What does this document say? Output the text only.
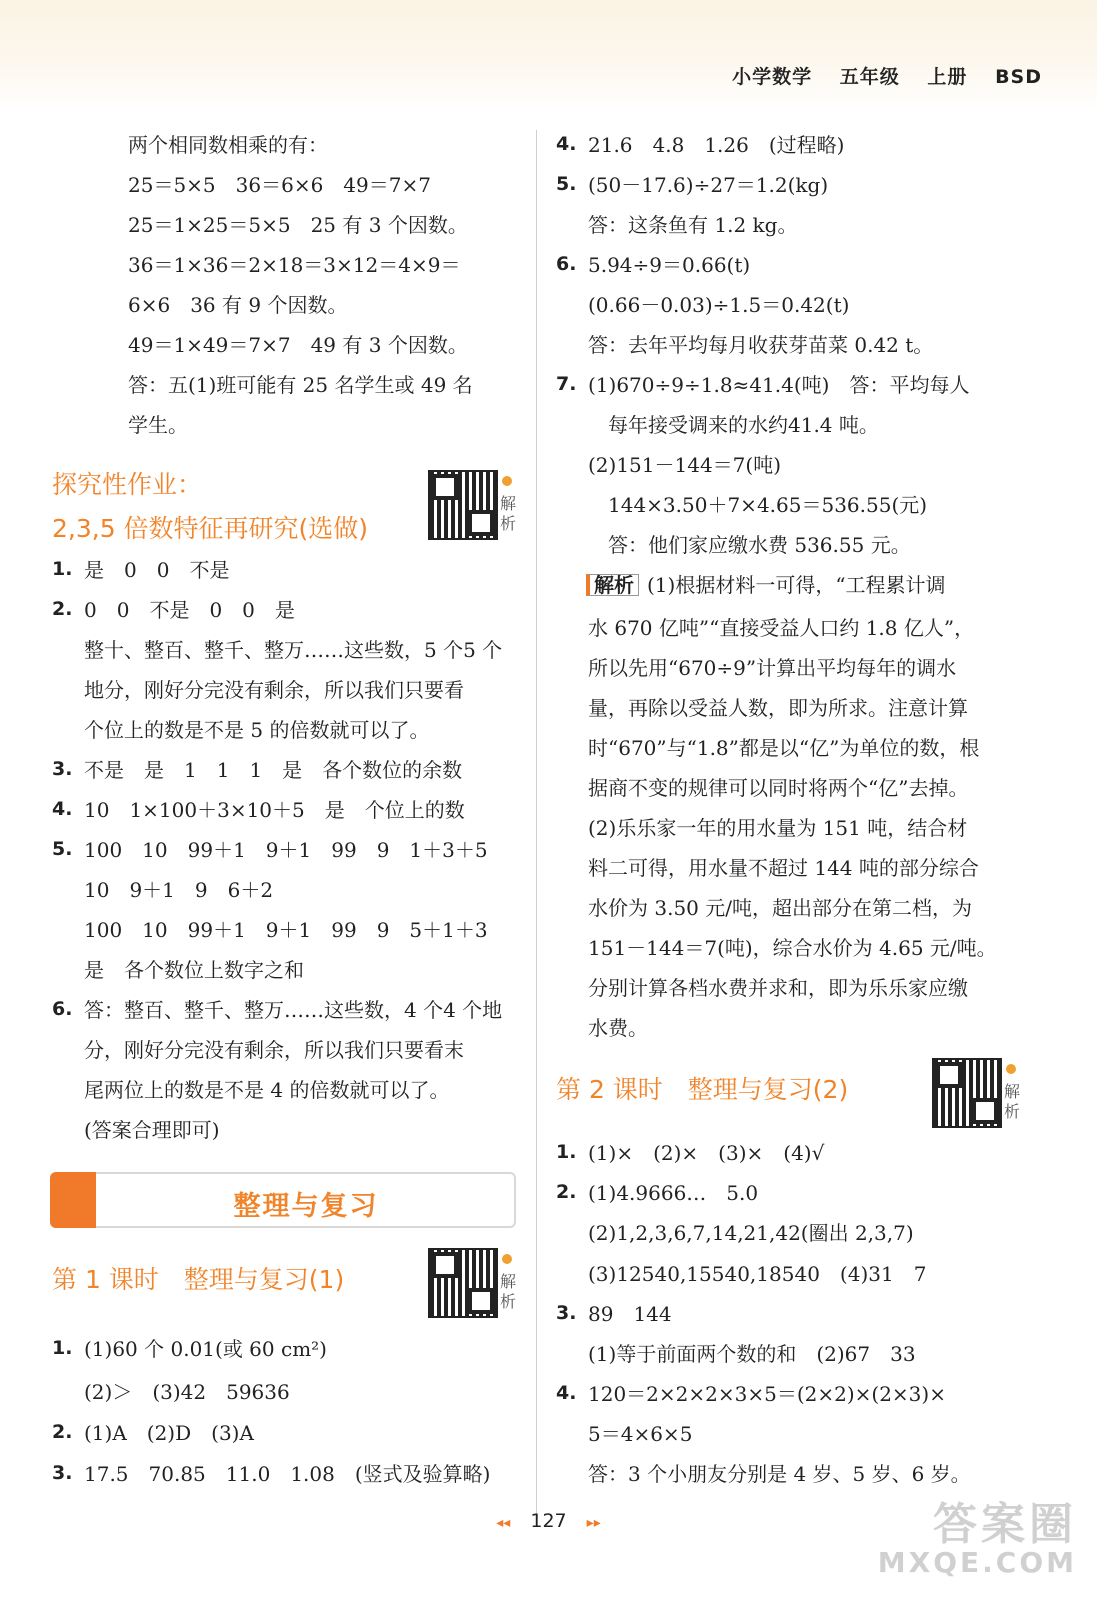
小学数学 五年级 上册 BSD
两个相同数相乘的有：
25＝5×5　36＝6×6　49＝7×7
25＝1×25＝5×5　25 有 3 个因数。
36＝1×36＝2×18＝3×12＝4×9＝
6×6　36 有 9 个因数。
49＝1×49＝7×7　49 有 3 个因数。
答：五(1)班可能有 25 名学生或 49 名
学生。
探究性作业：
2,3,5 倍数特征再研究(选做)
解析
1. 是　0　0　不是
2. 0　0　不是　0　0　是
整十、整百、整千、整万……这些数，5 个5 个
地分，刚好分完没有剩余，所以我们只要看
个位上的数是不是 5 的倍数就可以了。
3. 不是　是　1　1　1　是　各个数位的余数
4. 10　1×100＋3×10＋5　是　个位上的数
5. 100　10　99＋1　9＋1　99　9　1＋3＋5
10　9＋1　9　6＋2
100　10　99＋1　9＋1　99　9　5＋1＋3
是　各个数位上数字之和
6. 答：整百、整千、整万……这些数，4 个4 个地
分，刚好分完没有剩余，所以我们只要看末
尾两位上的数是不是 4 的倍数就可以了。
(答案合理即可)
整理与复习
第 1 课时　整理与复习(1)	解析
1. (1)60 个 0.01(或 60 cm²)
(2)＞　(3)42　59636
2. (1)A　(2)D　(3)A
3. 17.5　70.85　11.0　1.08　(竖式及验算略)
4. 21.6　4.8　1.26　(过程略)
5. (50－17.6)÷27＝1.2(kg)
答：这条鱼有 1.2 kg。
6. 5.94÷9＝0.66(t)
(0.66－0.03)÷1.5＝0.42(t)
答：去年平均每月收获芽苗菜 0.42 t。
7. (1)670÷9÷1.8≈41.4(吨)　答：平均每人
　每年接受调来的水约41.4 吨。
(2)151－144＝7(吨)
　144×3.50＋7×4.65＝536.55(元)
　答：他们家应缴水费 536.55 元。
解析 (1)根据材料一可得，“工程累计调
水 670 亿吨”“直接受益人口约 1.8 亿人”，
所以先用“670÷9”计算出平均每年的调水
量，再除以受益人数，即为所求。注意计算
时“670”与“1.8”都是以“亿”为单位的数，根
据商不变的规律可以同时将两个“亿”去掉。
(2)乐乐家一年的用水量为 151 吨，结合材
料二可得，用水量不超过 144 吨的部分综合
水价为 3.50 元/吨，超出部分在第二档，为
151－144＝7(吨)，综合水价为 4.65 元/吨。
分别计算各档水费并求和，即为乐乐家应缴
水费。
第 2 课时　整理与复习(2)	解析
1. (1)×　(2)×　(3)×　(4)√
2. (1)4.9666…　5.0
(2)1,2,3,6,7,14,21,42(圈出 2,3,7)
(3)12540,15540,18540　(4)31　7
3. 89　144
(1)等于前面两个数的和　(2)67　33
4. 120＝2×2×2×3×5＝(2×2)×(2×3)×
5＝4×6×5
答：3 个小朋友分别是 4 岁、5 岁、6 岁。
◂◂ 127 ▸▸	答案圈
MXQE.COM
